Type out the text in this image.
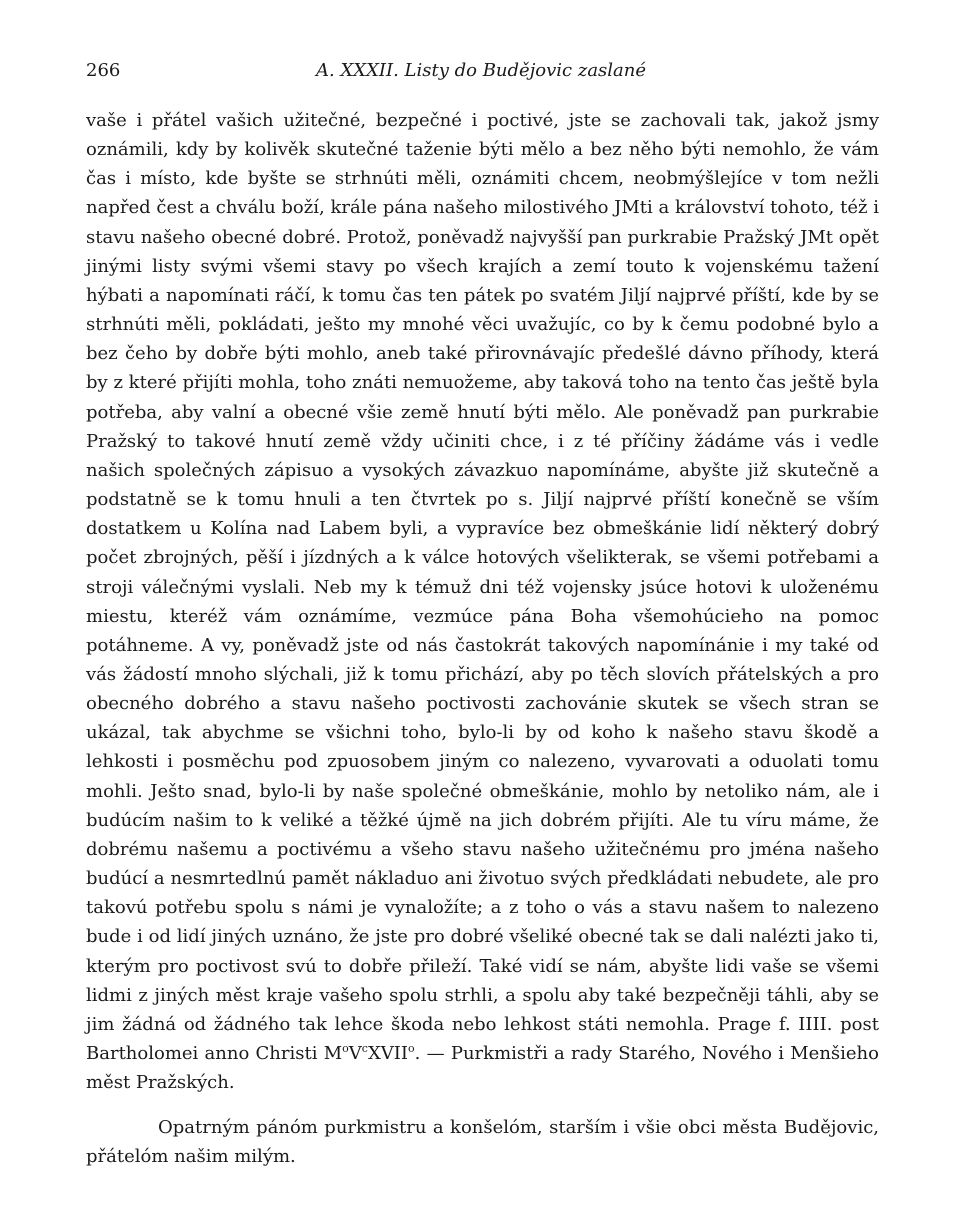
266	A. XXXII. Listy do Budějovic zaslané

vaše i přátel vašich užitečné, bezpečné i poctivé, jste se zachovali tak, jakož jsmy oznámili, kdy by kolivěk skutečné taženie býti mělo a bez něho býti nemohlo, že vám čas i místo, kde byšte se strhnúti měli, oznámiti chcem, neobmýšlejíce v tom nežli napřed čest a chválu boží, krále pána našeho milostivého JMti a království tohoto, též i stavu našeho obecné dobré. Protož, poněvadž najvyšší pan purkrabie Pražský JMt opět jinými listy svými všemi stavy po všech krajích a zemí touto k vojenskému tažení hýbati a napomínati ráčí, k tomu čas ten pátek po svatém Jiljí najprvé příští, kde by se strhnúti měli, pokládati, ješto my mnohé věci uvažujíc, co by k čemu podobné bylo a bez čeho by dobře býti mohlo, aneb také přirovnávajíc předešlé dávno příhody, která by z které přijíti mohla, toho znáti nemuožeme, aby taková toho na tento čas ještě byla potřeba, aby valní a obecné všie země hnutí býti mělo. Ale poněvadž pan purkrabie Pražský to takové hnutí země vždy učiniti chce, i z té příčiny žádáme vás i vedle našich společných zápisuo a vysokých závazkuo napomínáme, abyšte již skutečně a podstatně se k tomu hnuli a ten čtvrtek po s. Jiljí najprvé příští konečně se vším dostatkem u Kolína nad Labem byli, a vypravíce bez obmeškánie lidí některý dobrý počet zbrojných, pěší i jízdných a k válce hotových všelikterak, se všemi potřebami a stroji válečnými vyslali. Neb my k témuž dni též vojensky jsúce hotovi k uloženému miestu, kteréž vám oznámíme, vezmúce pána Boha všemohúcieho na pomoc potáhneme. A vy, poněvadž jste od nás častokrát takových napomínánie i my také od vás žádostí mnoho slýchali, již k tomu přichází, aby po těch slovích přátelských a pro obecného dobrého a stavu našeho poctivosti zachovánie skutek se všech stran se ukázal, tak abychme se všichni toho, bylo-li by od koho k našeho stavu škodě a lehkosti i posměchu pod zpuosobem jiným co nalezeno, vyvarovati a oduolati tomu mohli. Ješto snad, bylo-li by naše společné obmeškánie, mohlo by netoliko nám, ale i budúcím našim to k veliké a těžké újmě na jich dobrém přijíti. Ale tu víru máme, že dobrému našemu a poctivému a všeho stavu našeho užitečnému pro jména našeho budúcí a nesmrtedlnú pamět nákladuo ani životuo svých předkládati nebudete, ale pro takovú potřebu spolu s námi je vynaložíte; a z toho o vás a stavu našem to nalezeno bude i od lidí jiných uznáno, že jste pro dobré všeliké obecné tak se dali nalézti jako ti, kterým pro poctivost svú to dobře přileží. Také vidí se nám, abyšte lidi vaše se všemi lidmi z jiných měst kraje vašeho spolu strhli, a spolu aby také bezpečněji táhli, aby se jim žádná od žádného tak lehce škoda nebo lehkost státi nemohla. Prage f. IIII. post Bartholomei anno Christi $M^oV^cXVII^o$. — Purkmistři a rady Starého, Nového i Menšieho měst Pražských.

Opatrným pánóm purkmistru a konšelóm, starším i všie obci města Budějovic, přátelóm našim milým.
